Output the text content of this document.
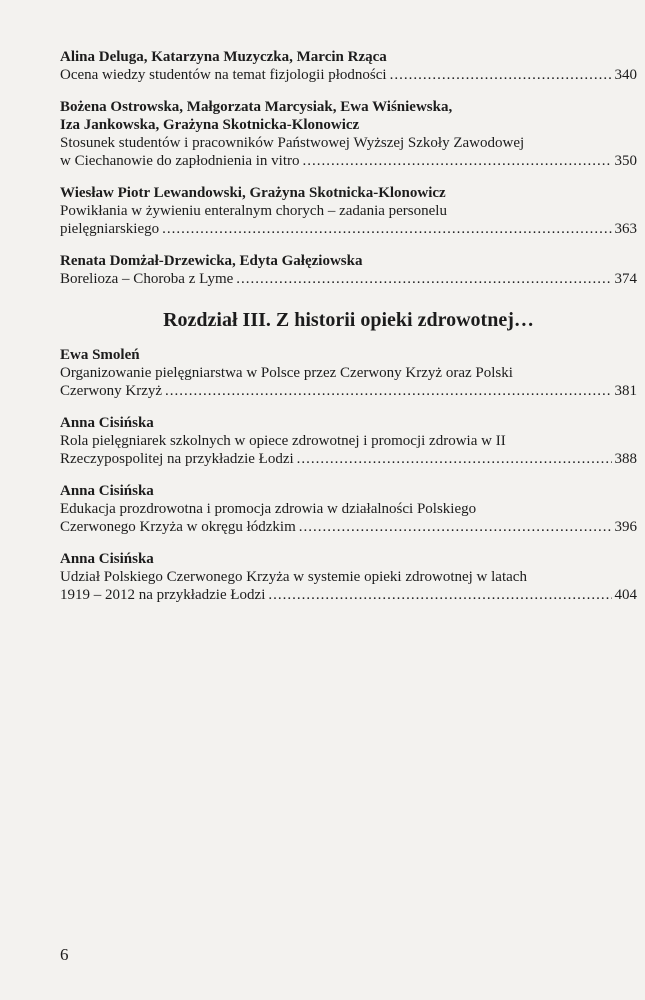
Alina Deluga, Katarzyna Muzyczka, Marcin Rząca
Ocena wiedzy studentów na temat fizjologii płodności .....	340
Bożena Ostrowska, Małgorzata Marcysiak, Ewa Wiśniewska,
Iza Jankowska, Grażyna Skotnicka-Klonowicz
Stosunek studentów i pracowników Państwowej Wyższej Szkoły Zawodowej
w Ciechanowie do zapłodnienia in vitro .....	350
Wiesław Piotr Lewandowski, Grażyna Skotnicka-Klonowicz
Powikłania w żywieniu enteralnym chorych – zadania personelu
pielęgniarskiego .....	363
Renata Domżał-Drzewicka, Edyta Gałęziowska
Borelioza – Choroba z Lyme .....	374
Rozdział III. Z historii opieki zdrowotnej…
Ewa Smoleń
Organizowanie pielęgniarstwa w Polsce przez Czerwony Krzyż oraz Polski
Czerwony Krzyż .....	381
Anna Cisińska
Rola pielęgniarek szkolnych w opiece zdrowotnej i promocji zdrowia w II
Rzeczypospolitej na przykładzie Łodzi .....	388
Anna Cisińska
Edukacja prozdrowotna i promocja zdrowia w działalności Polskiego
Czerwonego Krzyża w okręgu łódzkim .....	396
Anna Cisińska
Udział Polskiego Czerwonego Krzyża w systemie opieki zdrowotnej w latach
1919 – 2012 na przykładzie Łodzi .....	404
6
